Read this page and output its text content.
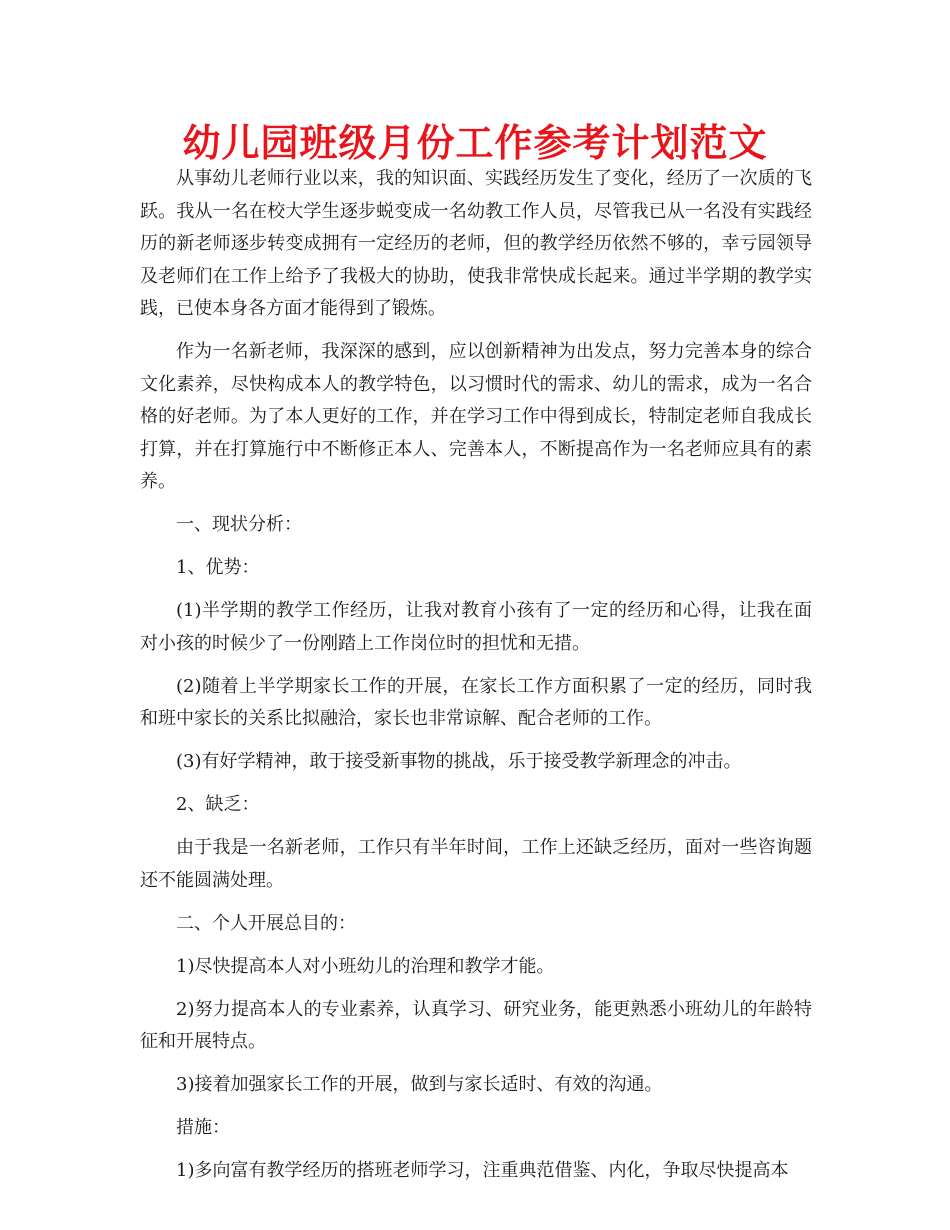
幼儿园班级月份工作参考计划范文

从事幼儿老师行业以来，我的知识面、实践经历发生了变化，经历了一次质的飞跃。我从一名在校大学生逐步蜕变成一名幼教工作人员，尽管我已从一名没有实践经历的新老师逐步转变成拥有一定经历的老师，但的教学经历依然不够的，幸亏园领导及老师们在工作上给予了我极大的协助，使我非常快成长起来。通过半学期的教学实践，已使本身各方面才能得到了锻炼。

作为一名新老师，我深深的感到，应以创新精神为出发点，努力完善本身的综合文化素养，尽快构成本人的教学特色，以习惯时代的需求、幼儿的需求，成为一名合格的好老师。为了本人更好的工作，并在学习工作中得到成长，特制定老师自我成长打算，并在打算施行中不断修正本人、完善本人，不断提高作为一名老师应具有的素养。

一、现状分析：

1、优势：

(1)半学期的教学工作经历，让我对教育小孩有了一定的经历和心得，让我在面对小孩的时候少了一份刚踏上工作岗位时的担忧和无措。

(2)随着上半学期家长工作的开展，在家长工作方面积累了一定的经历，同时我和班中家长的关系比拟融洽，家长也非常谅解、配合老师的工作。

(3)有好学精神，敢于接受新事物的挑战，乐于接受教学新理念的冲击。

2、缺乏：

由于我是一名新老师，工作只有半年时间，工作上还缺乏经历，面对一些咨询题还不能圆满处理。

二、个人开展总目的：

1)尽快提高本人对小班幼儿的治理和教学才能。

2)努力提高本人的专业素养，认真学习、研究业务，能更熟悉小班幼儿的年龄特征和开展特点。

3)接着加强家长工作的开展，做到与家长适时、有效的沟通。

措施：

1)多向富有教学经历的搭班老师学习，注重典范借鉴、内化，争取尽快提高本
